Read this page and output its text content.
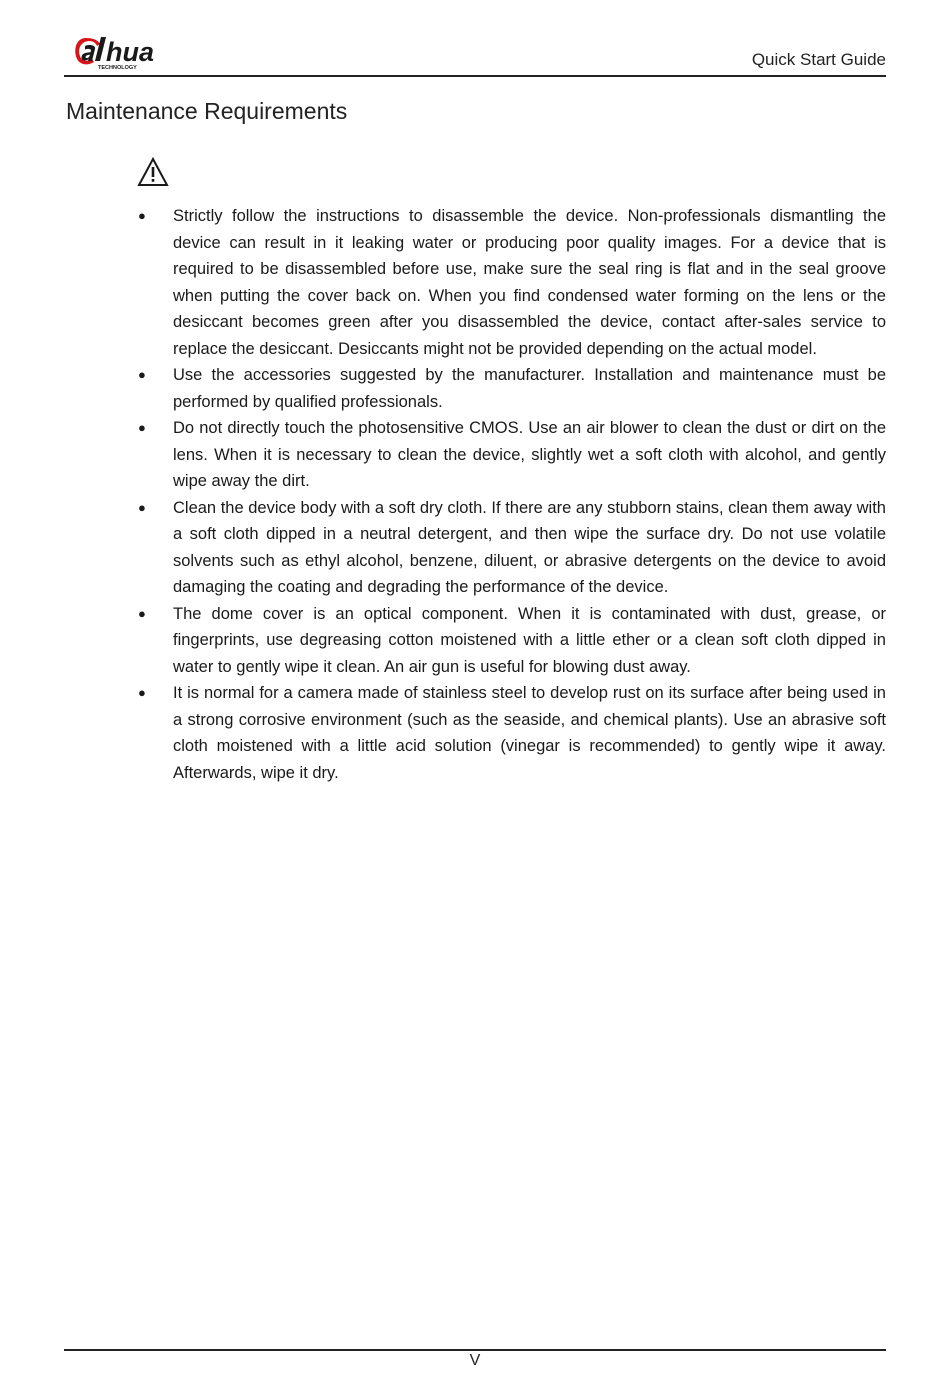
hua
TECHNOLOGY	Quick Start Guide
Maintenance Requirements
● Strictly follow the instructions to disassemble the device. Non-professionals dismantling the device can result in it leaking water or producing poor quality images. For a device that is required to be disassembled before use, make sure the seal ring is flat and in the seal groove when putting the cover back on. When you find condensed water forming on the lens or the desiccant becomes green after you disassembled the device, contact after-sales service to replace the desiccant. Desiccants might not be provided depending on the actual model.
● Use the accessories suggested by the manufacturer. Installation and maintenance must be performed by qualified professionals.
● Do not directly touch the photosensitive CMOS. Use an air blower to clean the dust or dirt on the lens. When it is necessary to clean the device, slightly wet a soft cloth with alcohol, and gently wipe away the dirt.
● Clean the device body with a soft dry cloth. If there are any stubborn stains, clean them away with a soft cloth dipped in a neutral detergent, and then wipe the surface dry. Do not use volatile solvents such as ethyl alcohol, benzene, diluent, or abrasive detergents on the device to avoid damaging the coating and degrading the performance of the device.
● The dome cover is an optical component. When it is contaminated with dust, grease, or fingerprints, use degreasing cotton moistened with a little ether or a clean soft cloth dipped in water to gently wipe it clean. An air gun is useful for blowing dust away.
● It is normal for a camera made of stainless steel to develop rust on its surface after being used in a strong corrosive environment (such as the seaside, and chemical plants). Use an abrasive soft cloth moistened with a little acid solution (vinegar is recommended) to gently wipe it away. Afterwards, wipe it dry.
V
